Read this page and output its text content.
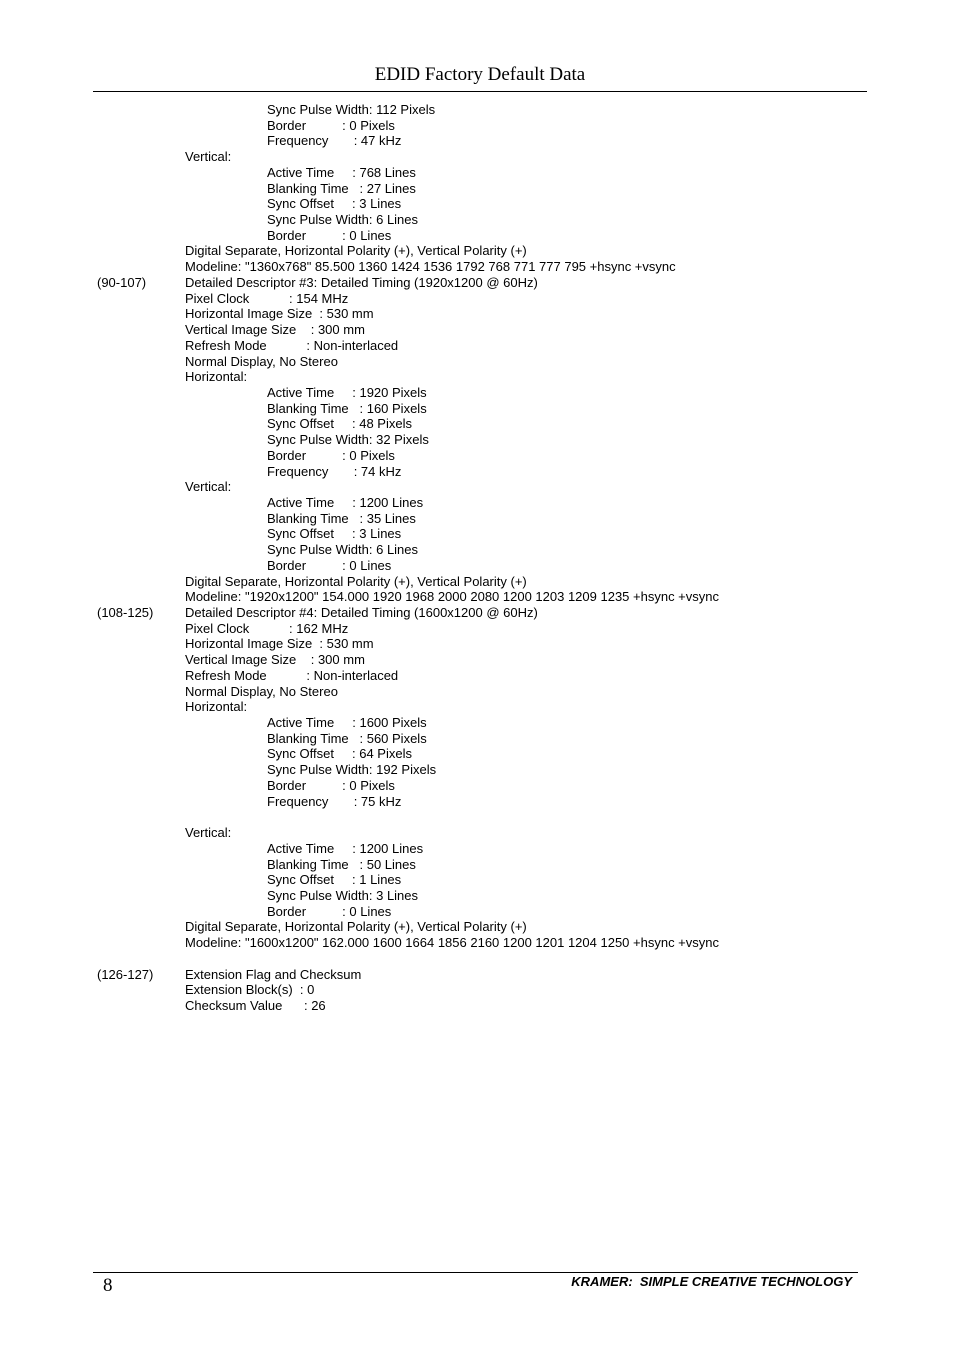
EDID Factory Default Data
Sync Pulse Width: 112 Pixels
Border          : 0 Pixels
Frequency       : 47 kHz
Vertical:
Active Time     : 768 Lines
Blanking Time   : 27 Lines
Sync Offset     : 3 Lines
Sync Pulse Width: 6 Lines
Border          : 0 Lines
Digital Separate, Horizontal Polarity (+), Vertical Polarity (+)
Modeline: "1360x768" 85.500 1360 1424 1536 1792 768 771 777 795 +hsync +vsync
(90-107)	Detailed Descriptor #3: Detailed Timing (1920x1200 @ 60Hz)
Pixel Clock           : 154 MHz
Horizontal Image Size  : 530 mm
Vertical Image Size    : 300 mm
Refresh Mode           : Non-interlaced
Normal Display, No Stereo
Horizontal:
Active Time     : 1920 Pixels
Blanking Time   : 160 Pixels
Sync Offset     : 48 Pixels
Sync Pulse Width: 32 Pixels
Border          : 0 Pixels
Frequency       : 74 kHz
Vertical:
Active Time     : 1200 Lines
Blanking Time   : 35 Lines
Sync Offset     : 3 Lines
Sync Pulse Width: 6 Lines
Border          : 0 Lines
Digital Separate, Horizontal Polarity (+), Vertical Polarity (+)
Modeline: "1920x1200" 154.000 1920 1968 2000 2080 1200 1203 1209 1235 +hsync +vsync
(108-125) Detailed Descriptor #4: Detailed Timing (1600x1200 @ 60Hz)
Pixel Clock           : 162 MHz
Horizontal Image Size  : 530 mm
Vertical Image Size    : 300 mm
Refresh Mode           : Non-interlaced
Normal Display, No Stereo
Horizontal:
Active Time     : 1600 Pixels
Blanking Time   : 560 Pixels
Sync Offset     : 64 Pixels
Sync Pulse Width: 192 Pixels
Border          : 0 Pixels
Frequency       : 75 kHz
Vertical:
Active Time     : 1200 Lines
Blanking Time   : 50 Lines
Sync Offset     : 1 Lines
Sync Pulse Width: 3 Lines
Border          : 0 Lines
Digital Separate, Horizontal Polarity (+), Vertical Polarity (+)
Modeline: "1600x1200" 162.000 1600 1664 1856 2160 1200 1201 1204 1250 +hsync +vsync
(126-127) Extension Flag and Checksum
Extension Block(s)  : 0
Checksum Value      : 26
8	KRAMER:  SIMPLE CREATIVE TECHNOLOGY
